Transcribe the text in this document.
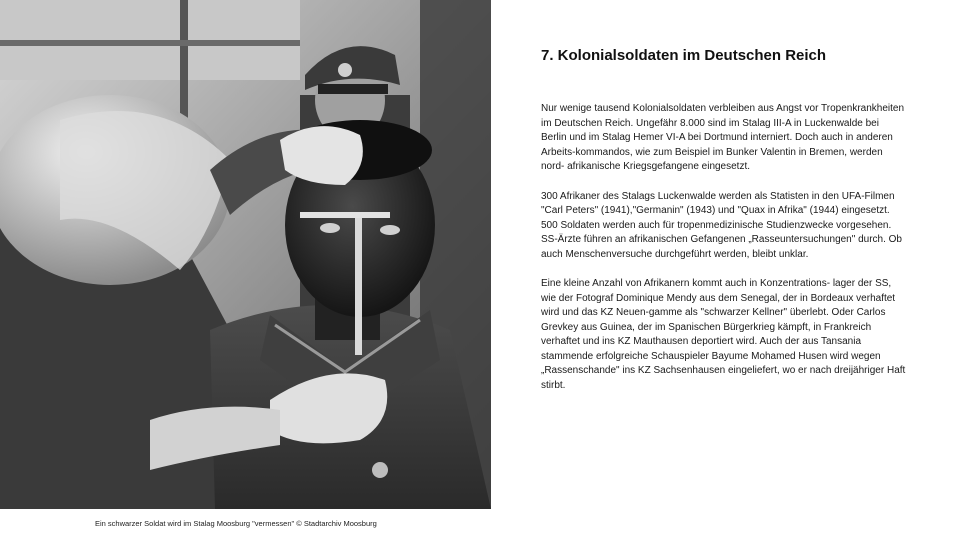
Ein schwarzer Soldat wird im Stalag Moosburg "vermessen" © Stadtarchiv Moosburg
7. Kolonialsoldaten im Deutschen Reich

Nur wenige tausend Kolonialsoldaten verbleiben aus Angst vor Tropenkrankheiten im Deutschen Reich. Ungefähr 8.000 sind im Stalag III-A in Luckenwalde bei Berlin und im Stalag Hemer VI-A bei Dortmund interniert. Doch auch in anderen Arbeits-kommandos, wie zum Beispiel im Bunker Valentin in Bremen, werden nord- afrikanische Kriegsgefangene eingesetzt.

300 Afrikaner des Stalags Luckenwalde werden als Statisten in den UFA-Filmen "Carl Peters" (1941),"Germanin" (1943) und "Quax in Afrika" (1944) eingesetzt. 500 Soldaten werden auch für tropenmedizinische Studienzwecke vorgesehen. SS-Ärzte führen an afrikanischen Gefangenen „Rasseuntersuchungen" durch. Ob auch Menschenversuche durchgeführt werden, bleibt unklar.

Eine kleine Anzahl von Afrikanern kommt auch in Konzentrations- lager der SS, wie der Fotograf Dominique Mendy aus dem Senegal, der in Bordeaux verhaftet wird und das KZ Neuen-gamme als "schwarzer Kellner" überlebt. Oder Carlos Grevkey aus Guinea, der im Spanischen Bürgerkrieg kämpft, in Frankreich verhaftet und ins KZ Mauthausen deportiert wird. Auch der aus Tansania stammende erfolgreiche Schauspieler Bayume Mohamed Husen wird wegen „Rassenschande" ins KZ Sachsenhausen eingeliefert, wo er nach dreijähriger Haft stirbt.
